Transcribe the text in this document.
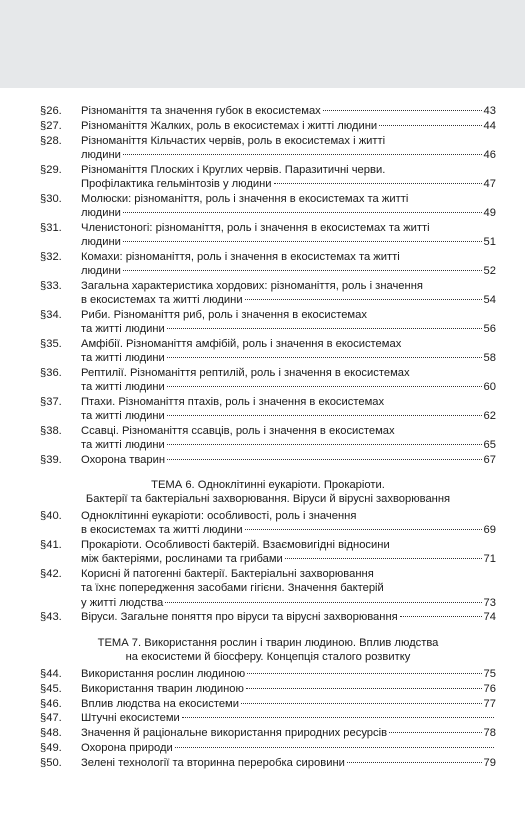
§26.	Різноманіття та значення губок в екосистемах	43
§27.	Різноманіття Жалких, роль в екосистемах і житті людини	44
§28.	Різноманіття Кільчастих червів, роль в екосистемах і житті
людини	46
§29.	Різноманіття Плоских і Круглих червів. Паразитичні черви.
Профілактика гельмінтозів у людини	47
§30.	Молюски: різноманіття, роль і значення в екосистемах та житті
людини	49
§31.	Членистоногі: різноманіття, роль і значення в екосистемах та житті
людини	51
§32.	Комахи: різноманіття, роль і значення в екосистемах та житті
людини	52
§33.	Загальна характеристика хордових: різноманіття, роль і значення
в екосистемах та житті людини	54
§34.	Риби. Різноманіття риб, роль і значення в екосистемах
та житті людини	56
§35.	Амфібії. Різноманіття амфібій, роль і значення в екосистемах
та житті людини	58
§36.	Рептилії. Різноманіття рептилій, роль і значення в екосистемах
та житті людини	60
§37.	Птахи. Різноманіття птахів, роль і значення в екосистемах
та житті людини	62
§38.	Ссавці. Різноманіття ссавців, роль і значення в екосистемах
та житті людини	65
§39.	Охорона тварин	67
ТЕМА 6. Одноклітинні еукаріоти. Прокаріоти.
Бактерії та бактеріальні захворювання. Віруси й вірусні захворювання
§40.	Одноклітинні еукаріоти: особливості, роль і значення
в екосистемах та житті людини	69
§41.	Прокаріоти. Особливості бактерій. Взаємовигідні відносини
між бактеріями, рослинами та грибами	71
§42.	Корисні й патогенні бактерії. Бактеріальні захворювання
та їхнє попередження засобами гігієни. Значення бактерій
у житті людства	73
§43.	Віруси. Загальне поняття про віруси та вірусні захворювання	74
ТЕМА 7. Використання рослин і тварин людиною. Вплив людства
на екосистеми й біосферу. Концепція сталого розвитку
§44.	Використання рослин людиною	75
§45.	Використання тварин людиною	76
§46.	Вплив людства на екосистеми	77
§47.	Штучні екосистеми
§48.	Значення й раціональне використання природних ресурсів	78
§49.	Охорона природи
§50.	Зелені технології та вторинна переробка сировини	79
